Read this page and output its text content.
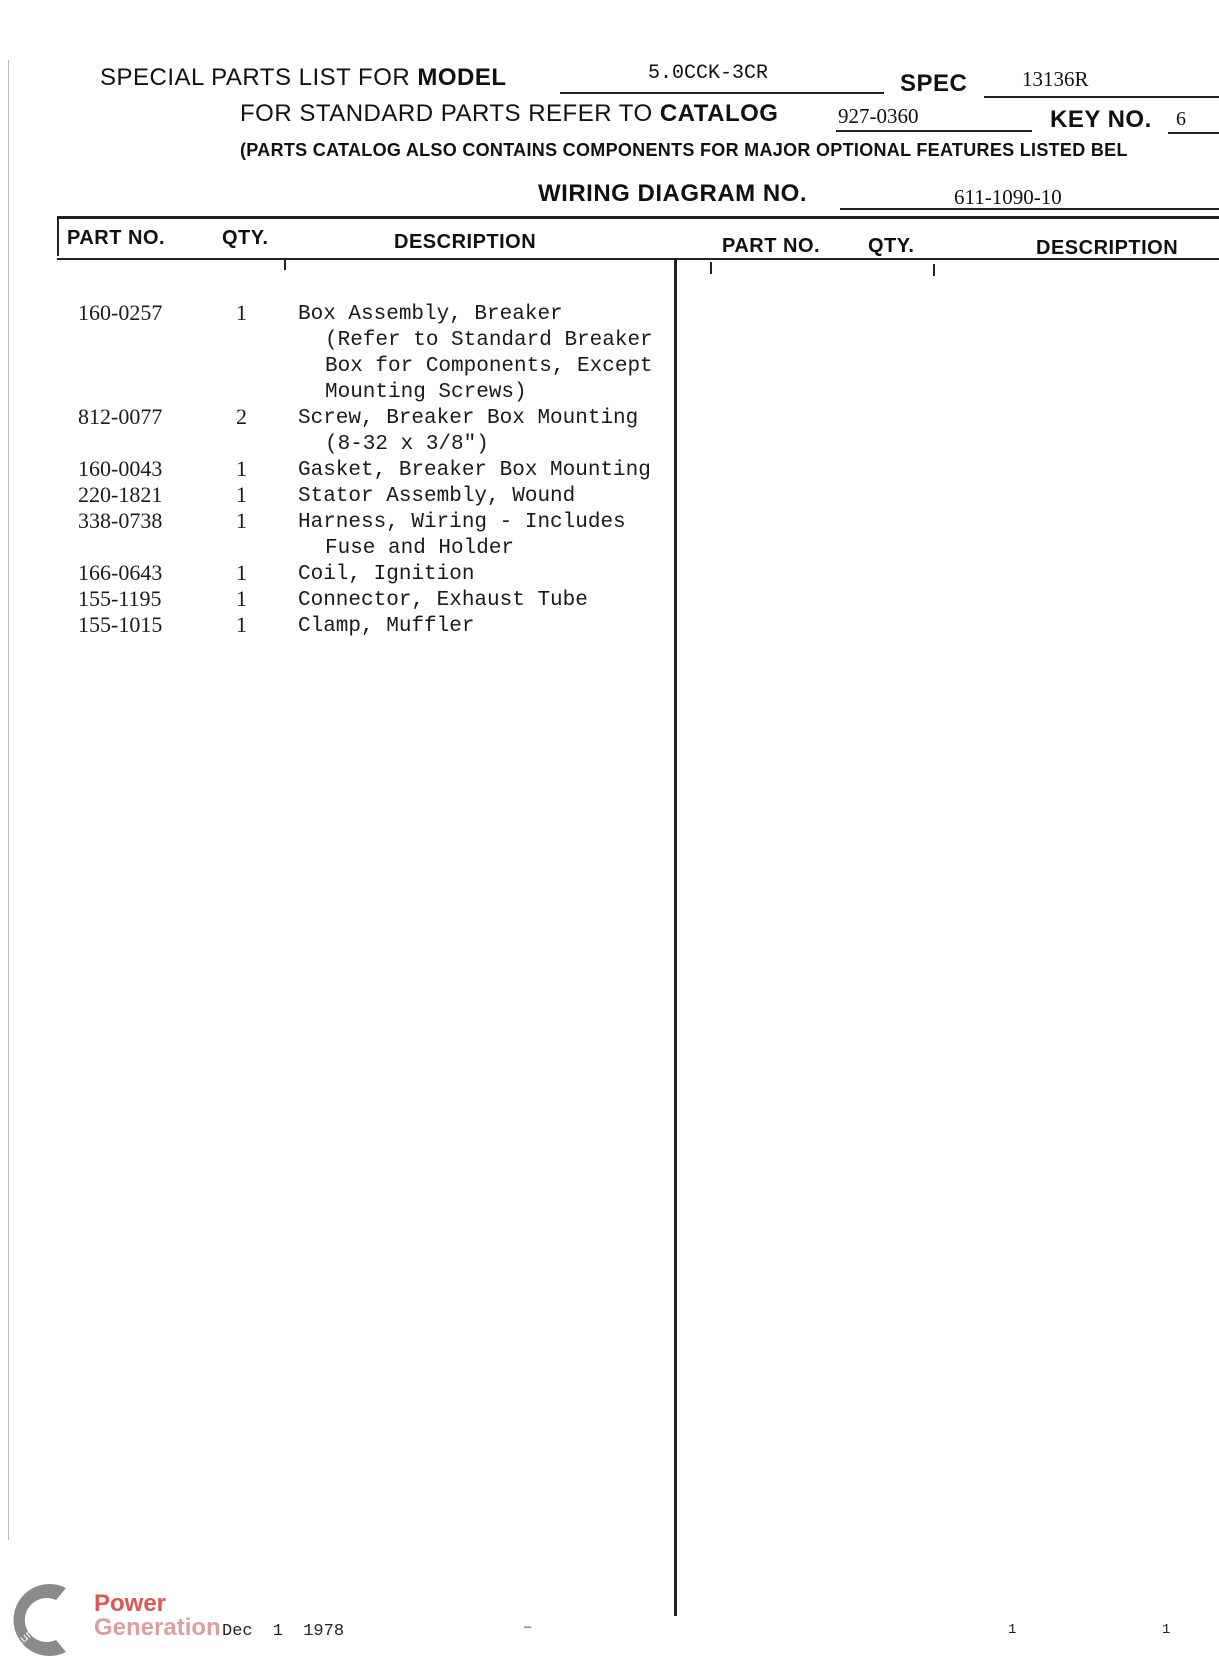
SPECIAL PARTS LIST FOR MODEL	5.0CCK-3CR	SPEC	13136R
FOR STANDARD PARTS REFER TO CATALOG	927-0360	KEY NO. 6
(PARTS CATALOG ALSO CONTAINS COMPONENTS FOR MAJOR OPTIONAL FEATURES LISTED BEL
WIRING DIAGRAM NO.	611-1090-10
PART NO.	QTY.	DESCRIPTION	PART NO. QTY.	DESCRIPTION
160-0257	1 Box Assembly, Breaker
(Refer to Standard Breaker
Box for Components, Except
Mounting Screws)
812-0077	2 Screw, Breaker Box Mounting
(8-32 x 3/8")
160-0043	1 Gasket, Breaker Box Mounting
220-1821	1 Stator Assembly, Wound
338-0738	1 Harness, Wiring - Includes
Fuse and Holder
166-0643	1 Coil, Ignition
155-1195	1 Connector, Exhaust Tube
155-1015	1 Clamp, Muffler
Cummins
Power
Generation Dec 1 1978	—	1	1
